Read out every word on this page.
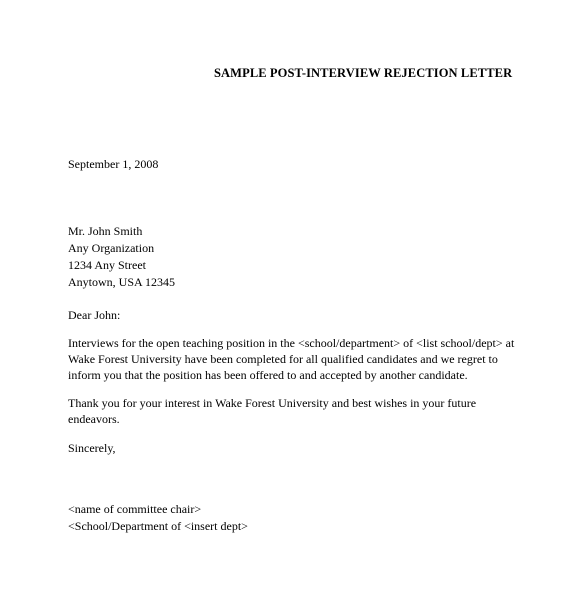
SAMPLE POST-INTERVIEW REJECTION LETTER
September 1, 2008
Mr. John Smith
Any Organization
1234 Any Street
Anytown, USA 12345
Dear John:
Interviews for the open teaching position in the <school/department> of <list school/dept> at
Wake Forest University have been completed for all qualified candidates and we regret to
inform you that the position has been offered to and accepted by another candidate.
Thank you for your interest in Wake Forest University and best wishes in your future
endeavors.
Sincerely,
<name of committee chair>
<School/Department of <insert dept>
